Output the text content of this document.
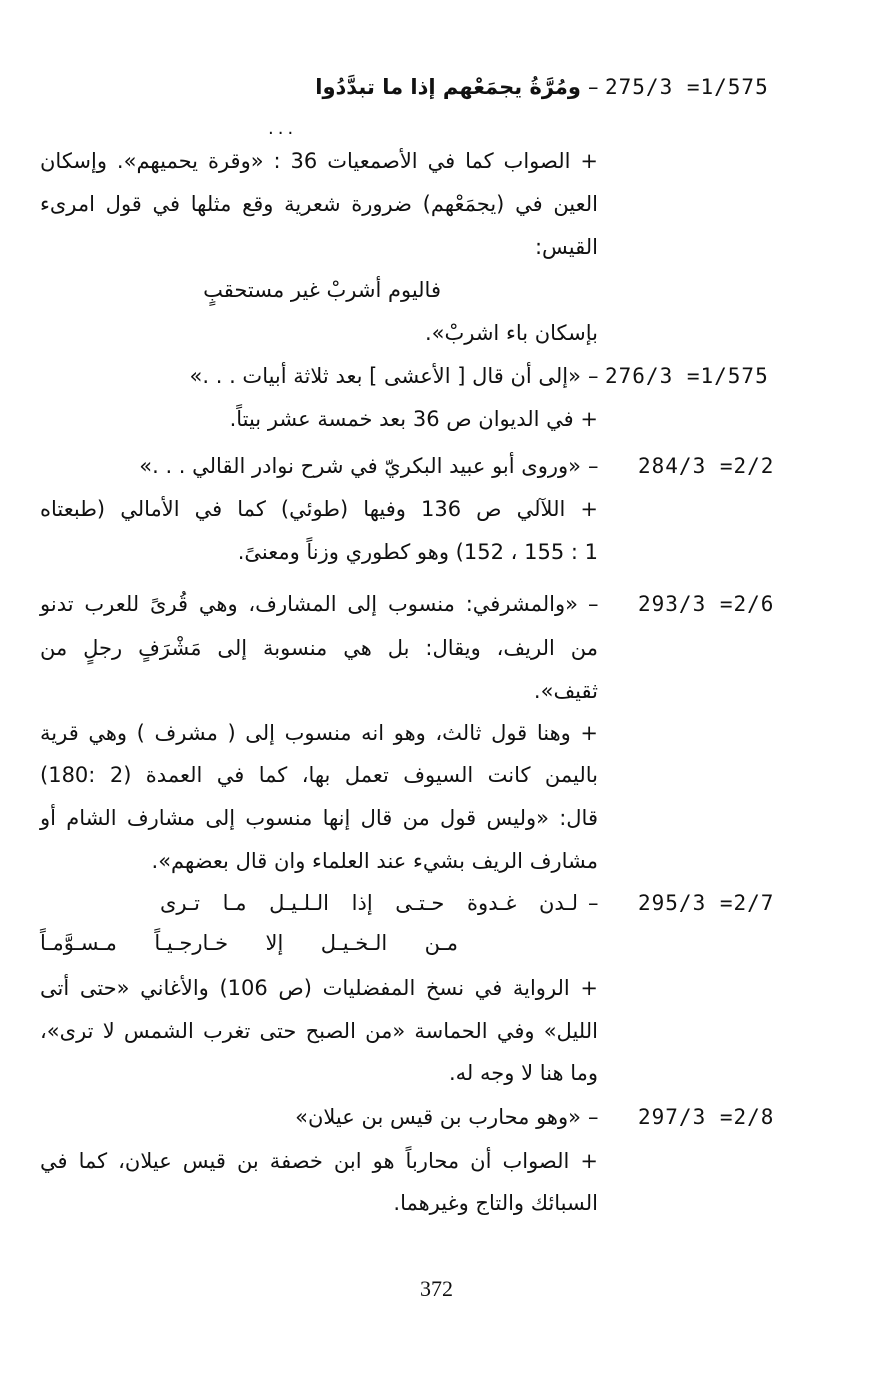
275/3 =1/575
–
ومُرَّةُ يجمَعْهم إذا ما تبدَّدُوا
...
+ الصواب كما في الأصمعيات 36 : «وقرة يحميهم». وإسكان
العين في (يجمَعْهم) ضرورة شعرية وقع مثلها في قول امرىء
القيس:
فاليوم أشربْ غير مستحقبٍ
بإسكان باء اشربْ».
276/3 =1/575
–
«إلى أن قال [ الأعشى ] بعد ثلاثة أبيات . . .»
+ في الديوان ص 36 بعد خمسة عشر بيتاً.
284/3 =2/2
–
«وروى أبو عبيد البكريّ في شرح نوادر القالي . . .»
+ اللآلي ص 136 وفيها (طوئي) كما في الأمالي (طبعتاه
1 : 155 ، 152) وهو كطوري وزناً ومعنىً.
293/3 =2/6
–
«والمشرفي: منسوب إلى المشارف، وهي قُرىً للعرب تدنو
من الريف، ويقال: بل هي منسوبة إلى مَشْرَفٍ رجلٍ من
ثقيف».
+ وهنا قول ثالث، وهو انه منسوب إلى ( مشرف ) وهي قرية
باليمن كانت السيوف تعمل بها، كما في العمدة (2 :180)
قال: «وليس قول من قال إنها منسوب إلى مشارف الشام أو
مشارف الريف بشيء عند العلماء وان قال بعضهم».
295/3 =2/7
–
لـدن غـدوة حـتـى إذا الـلـيـل مـا تـرى
مـن الـخـيـل إلا خـارجـيـاً مـسـوَّمـاً
+ الرواية في نسخ المفضليات (ص 106) والأغاني «حتى أتى
الليل» وفي الحماسة «من الصبح حتى تغرب الشمس لا ترى»،
وما هنا لا وجه له.
297/3 =2/8
–
«وهو محارب بن قيس بن عيلان»
+ الصواب أن محارباً هو ابن خصفة بن قيس عيلان، كما في
السبائك والتاج وغيرهما.
372
